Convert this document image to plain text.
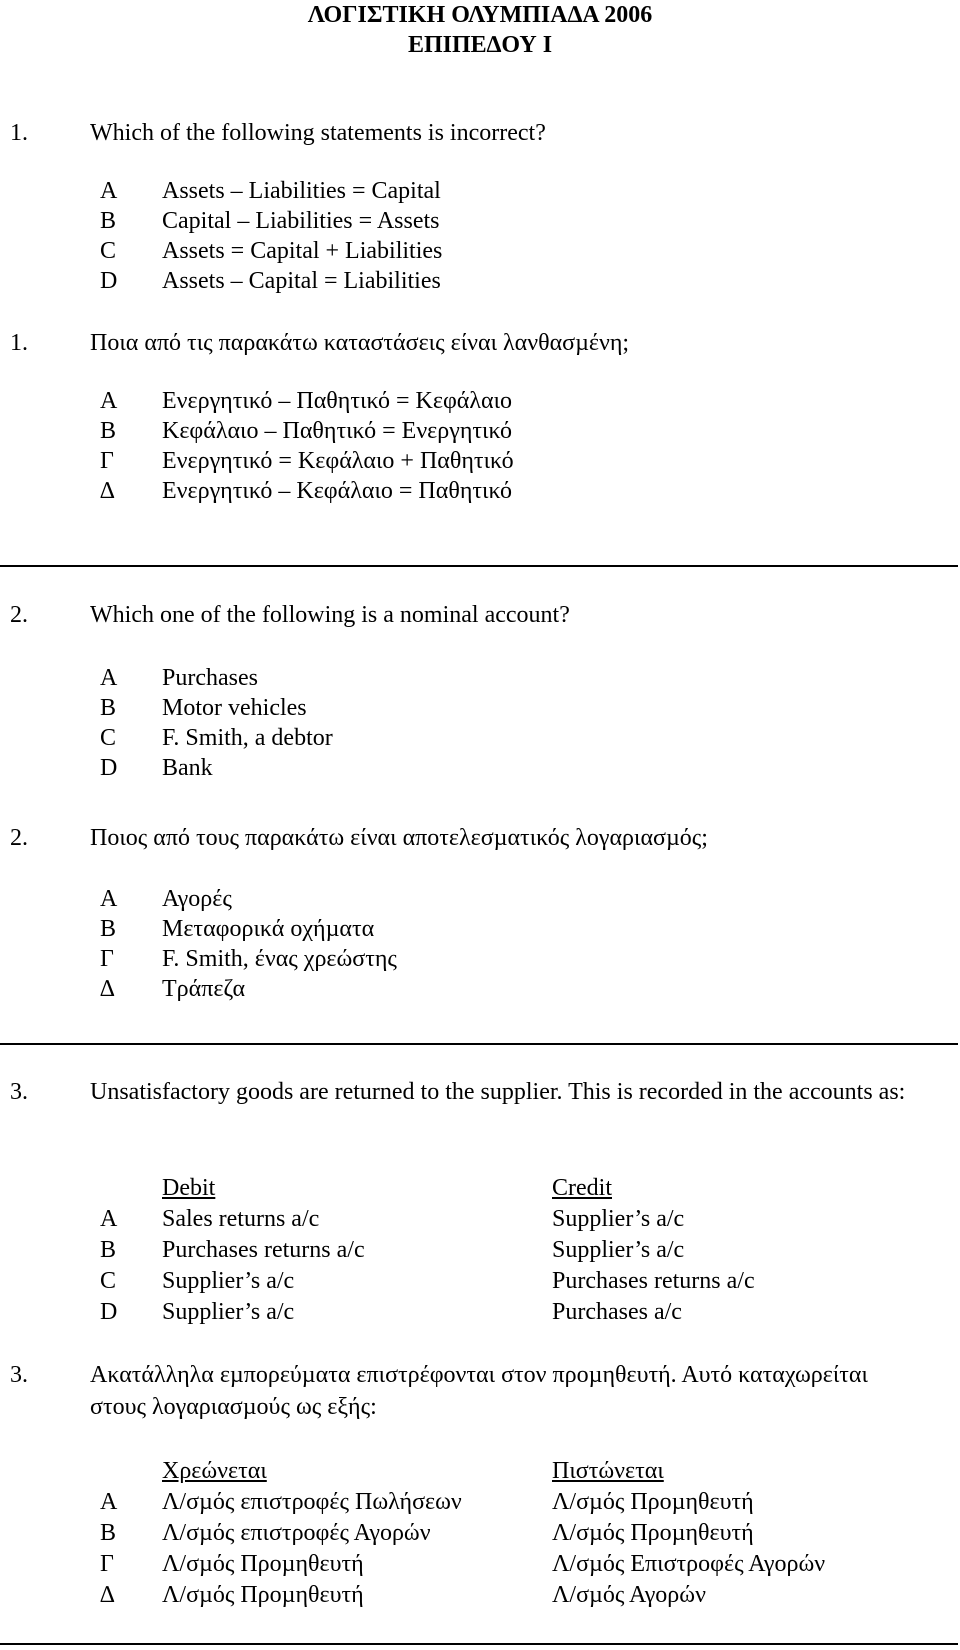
ΛΟΓΙΣΤΙΚΗ ΟΛΥΜΠΙΑ∆Α 2006
ΕΠΙΠΕ∆ΟΥ Ι
1.	Which of the following statements is incorrect?
A Assets – Liabilities = Capital
B Capital – Liabilities = Assets
C Assets = Capital + Liabilities
D Assets – Capital = Liabilities
1.	Ποια από τις παρακάτω καταστάσεις είναι λανθασµένη;
Α Ενεργητικό – Παθητικό = Κεφάλαιο
Β Κεφάλαιο – Παθητικό = Ενεργητικό
Γ Ενεργητικό = Κεφάλαιο + Παθητικό
∆ Ενεργητικό – Κεφάλαιο = Παθητικό
2.	Which one of the following is a nominal account?
A Purchases
B Motor vehicles
C F. Smith, a debtor
D Bank
2.	Ποιος από τους παρακάτω είναι αποτελεσµατικός λογαριασµός;
Α Αγορές
Β Μεταφορικά οχήµατα
Γ F. Smith, ένας χρεώστης
∆ Τράπεζα
3.	Unsatisfactory goods are returned to the supplier. This is recorded in the accounts as:
Debit	Credit
A Sales returns a/c	Supplier’s a/c
B Purchases returns a/c	Supplier’s a/c
C Supplier’s a/c	Purchases returns a/c
D Supplier’s a/c	Purchases a/c
3.	Ακατάλληλα εµπορεύµατα επιστρέφονται στον προµηθευτή. Αυτό καταχωρείται στους λογαριασµούς ως εξής:
Χρεώνεται	Πιστώνεται
Α Λ/σµός επιστροφές Πωλήσεων	Λ/σµός Προµηθευτή
Β Λ/σµός επιστροφές Αγορών	Λ/σµός Προµηθευτή
Γ Λ/σµός Προµηθευτή	Λ/σµός Επιστροφές Αγορών
∆ Λ/σµός Προµηθευτή	Λ/σµός Αγορών
